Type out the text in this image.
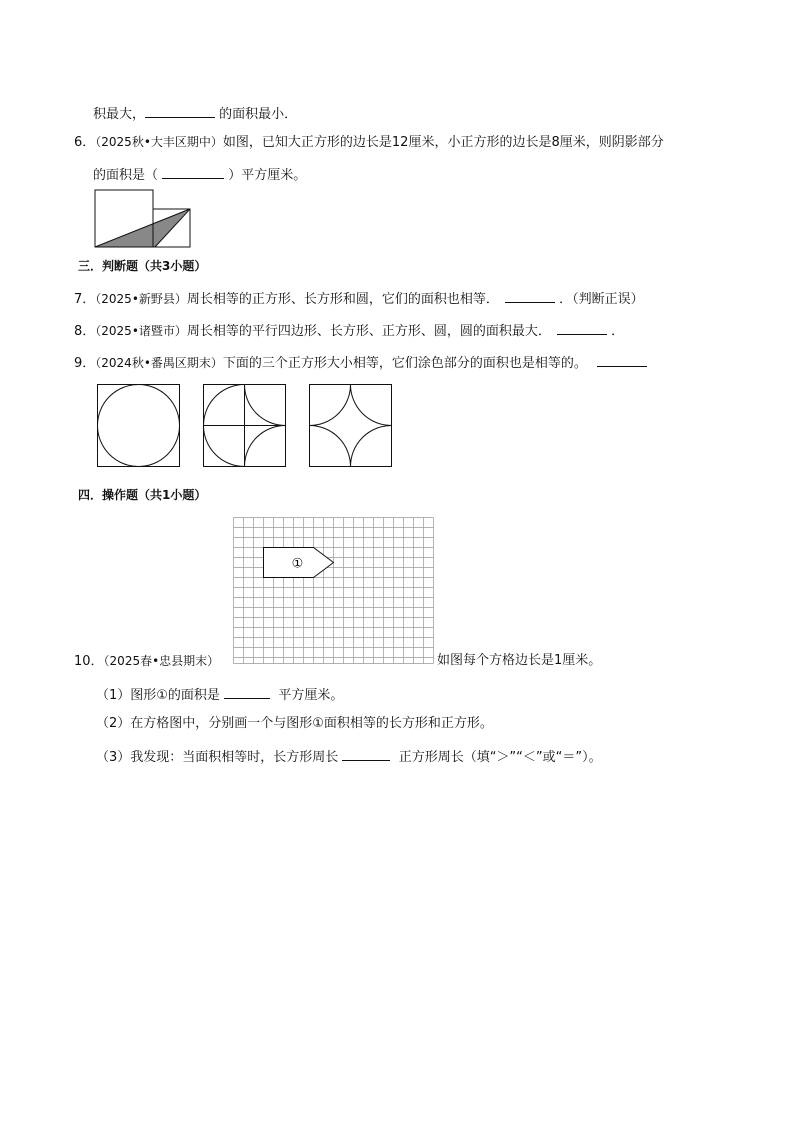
积最大，	的面积最小．
6．（2025秋•大丰区期中）如图，已知大正方形的边长是12厘米，小正方形的边长是8厘米，则阴影部分
的面积是（	）平方厘米。
三．判断题（共3小题）
7．（2025•新野县）周长相等的正方形、长方形和圆，它们的面积也相等．	．（判断正误）
8．（2025•诸暨市）周长相等的平行四边形、长方形、正方形、圆，圆的面积最大．	．
9．（2024秋•番禺区期末）下面的三个正方形大小相等，它们涂色部分的面积也是相等的。
四．操作题（共1小题）
①
10．（2025春•忠县期末）	如图每个方格边长是1厘米。
（1）图形①的面积是	平方厘米。
（2）在方格图中，分别画一个与图形①面积相等的长方形和正方形。
（3）我发现：当面积相等时，长方形周长	正方形周长（填“＞”“＜”或“＝”）。
